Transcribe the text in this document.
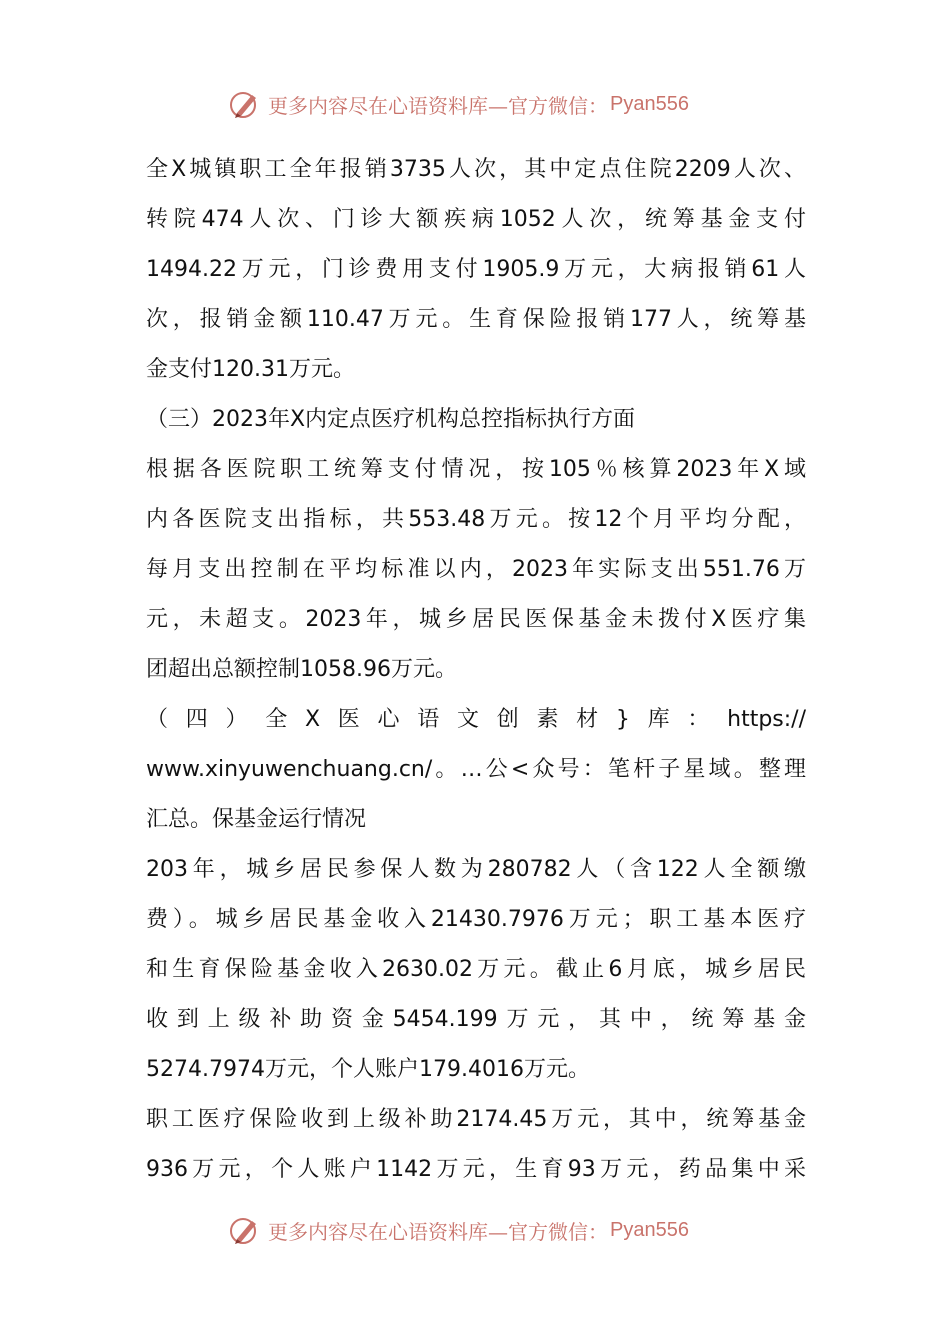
更多内容尽在心语资料库—官方微信： Pyan556
全X城镇职工全年报销3735人次，其中定点住院2209人次、
转院474人次、门诊大额疾病1052人次，统筹基金支付
1494.22万元，门诊费用支付1905.9万元，大病报销61人
次，报销金额110.47万元。生育保险报销177人，统筹基
金支付120.31万元。
（三）2023年X内定点医疗机构总控指标执行方面
根据各医院职工统筹支付情况，按105％核算2023年X域
内各医院支出指标，共553.48万元。按12个月平均分配，
每月支出控制在平均标准以内，2023年实际支出551.76万
元，未超支。2023年，城乡居民医保基金未拨付X医疗集
团超出总额控制1058.96万元。
（四）全X医心语文创素材}库：https://
www.xinyuwenchuang.cn/。…公<众号：笔杆子星域。整理
汇总。保基金运行情况
203年，城乡居民参保人数为280782人（含122人全额缴
费）。城乡居民基金收入21430.7976万元；职工基本医疗
和生育保险基金收入2630.02万元。截止6月底，城乡居民
收到上级补助资金5454.199万元，其中，统筹基金
5274.7974万元，个人账户179.4016万元。
职工医疗保险收到上级补助2174.45万元，其中，统筹基金
936万元，个人账户1142万元，生育93万元，药品集中采
更多内容尽在心语资料库—官方微信： Pyan556
